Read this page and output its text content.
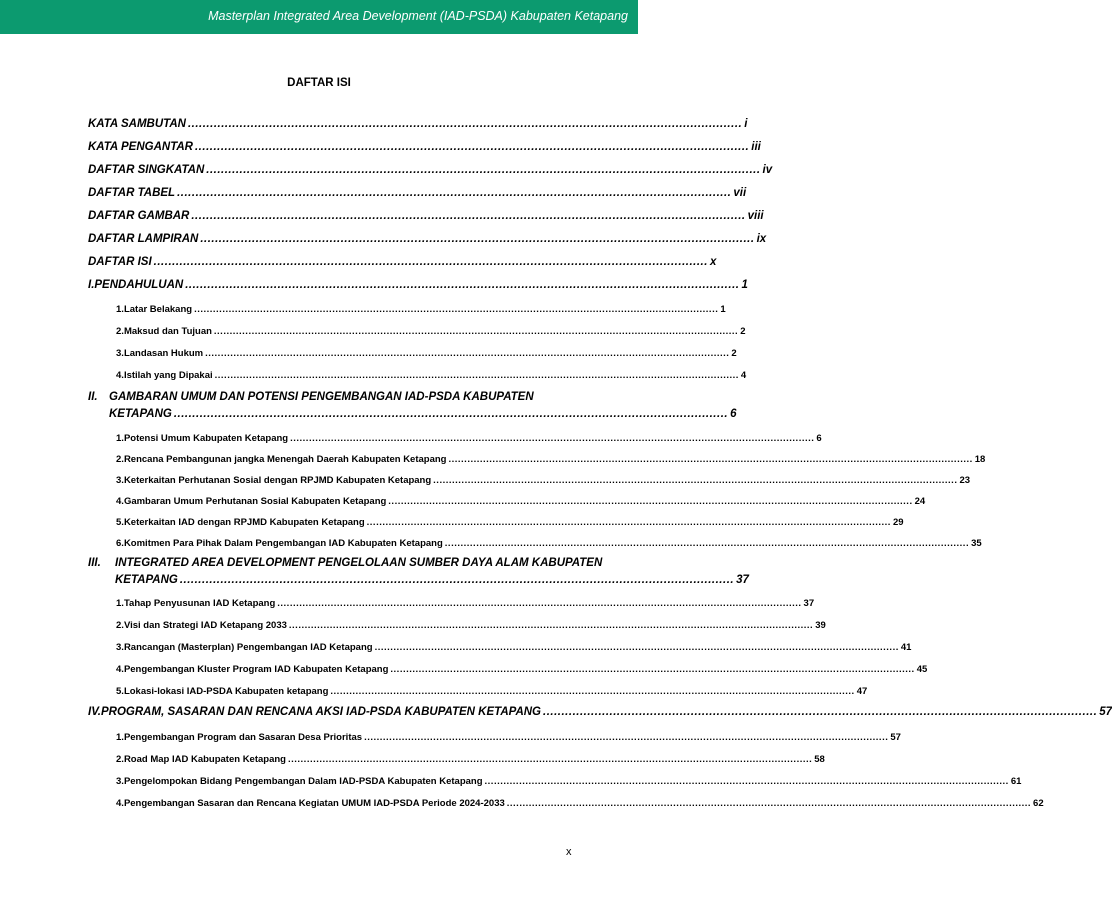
Masterplan Integrated Area Development (IAD-PSDA) Kabupaten Ketapang
DAFTAR ISI
KATA SAMBUTAN ...................................................................................................................................................... i
KATA PENGANTAR ...................................................................................................................................................... iii
DAFTAR SINGKATAN ...................................................................................................................................................... iv
DAFTAR TABEL ...................................................................................................................................................... vii
DAFTAR GAMBAR ...................................................................................................................................................... viii
DAFTAR LAMPIRAN ...................................................................................................................................................... ix
DAFTAR ISI ...................................................................................................................................................... x
I. PENDAHULUAN ...................................................................................................................................................... 1
1. Latar Belakang ....................................................................................................................................................................... 1
2. Maksud dan Tujuan ....................................................................................................................................................................... 2
3. Landasan Hukum ....................................................................................................................................................................... 2
4. Istilah yang Dipakai ....................................................................................................................................................................... 4
II. GAMBARAN UMUM DAN POTENSI PENGEMBANGAN IAD-PSDA KABUPATEN
KETAPANG ...................................................................................................................................................... 6
1. Potensi Umum Kabupaten Ketapang ....................................................................................................................................................................... 6
2. Rencana Pembangunan jangka Menengah Daerah Kabupaten Ketapang ....................................................................................................................................................................... 18
3. Keterkaitan Perhutanan Sosial dengan RPJMD Kabupaten Ketapang ....................................................................................................................................................................... 23
4. Gambaran Umum Perhutanan Sosial Kabupaten Ketapang ....................................................................................................................................................................... 24
5. Keterkaitan IAD dengan RPJMD Kabupaten Ketapang ....................................................................................................................................................................... 29
6. Komitmen Para Pihak Dalam Pengembangan IAD Kabupaten Ketapang ....................................................................................................................................................................... 35
III. INTEGRATED AREA DEVELOPMENT PENGELOLAAN SUMBER DAYA ALAM KABUPATEN
KETAPANG ...................................................................................................................................................... 37
1. Tahap Penyusunan IAD Ketapang ....................................................................................................................................................................... 37
2. Visi dan Strategi IAD Ketapang 2033 ....................................................................................................................................................................... 39
3. Rancangan (Masterplan) Pengembangan IAD Ketapang ....................................................................................................................................................................... 41
4. Pengembangan Kluster Program IAD Kabupaten Ketapang ....................................................................................................................................................................... 45
5. Lokasi-lokasi IAD-PSDA Kabupaten ketapang ....................................................................................................................................................................... 47
IV. PROGRAM, SASARAN DAN RENCANA AKSI IAD-PSDA KABUPATEN KETAPANG ...................................................................................................................................................... 57
1. Pengembangan Program dan Sasaran Desa Prioritas ....................................................................................................................................................................... 57
2. Road Map IAD Kabupaten Ketapang ....................................................................................................................................................................... 58
3. Pengelompokan Bidang Pengembangan Dalam IAD-PSDA Kabupaten Ketapang ....................................................................................................................................................................... 61
4. Pengembangan Sasaran dan Rencana Kegiatan UMUM IAD-PSDA Periode 2024-2033 ....................................................................................................................................................................... 62
x
